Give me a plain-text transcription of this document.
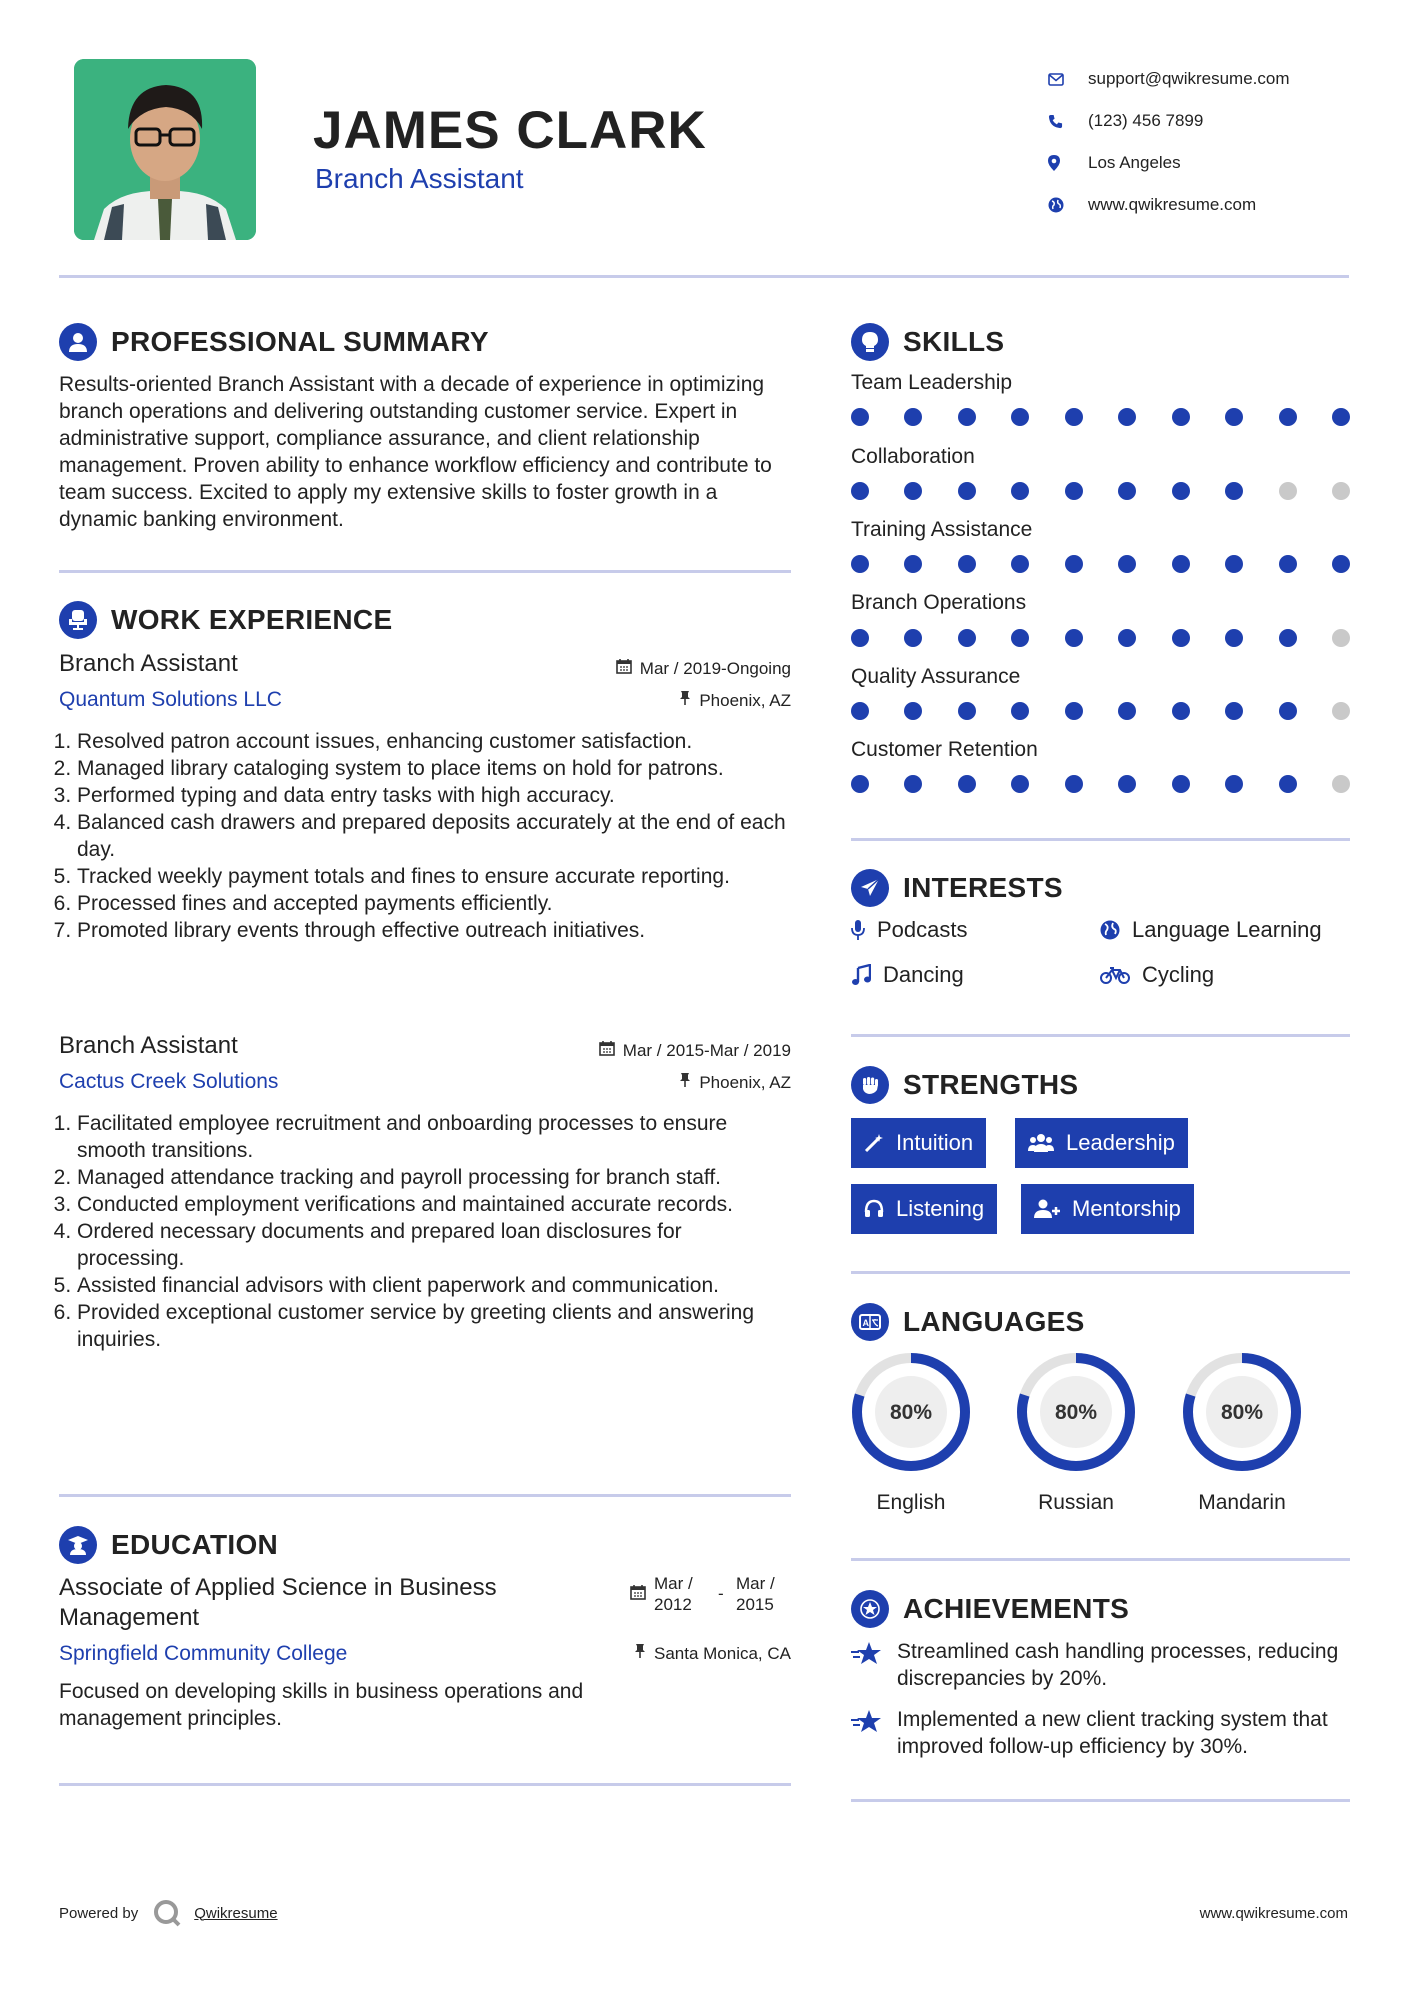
JAMES CLARK
Branch Assistant
support@qwikresume.com
(123) 456 7899
Los Angeles
www.qwikresume.com
PROFESSIONAL SUMMARY
Results-oriented Branch Assistant with a decade of experience in optimizing branch operations and delivering outstanding customer service. Expert in administrative support, compliance assurance, and client relationship management. Proven ability to enhance workflow efficiency and contribute to team success. Excited to apply my extensive skills to foster growth in a dynamic banking environment.
WORK EXPERIENCE
Branch Assistant
Quantum Solutions LLC
Mar / 2019-Ongoing
Phoenix, AZ
1. Resolved patron account issues, enhancing customer satisfaction.
2. Managed library cataloging system to place items on hold for patrons.
3. Performed typing and data entry tasks with high accuracy.
4. Balanced cash drawers and prepared deposits accurately at the end of each day.
5. Tracked weekly payment totals and fines to ensure accurate reporting.
6. Processed fines and accepted payments efficiently.
7. Promoted library events through effective outreach initiatives.
Branch Assistant
Cactus Creek Solutions
Mar / 2015-Mar / 2019
Phoenix, AZ
1. Facilitated employee recruitment and onboarding processes to ensure smooth transitions.
2. Managed attendance tracking and payroll processing for branch staff.
3. Conducted employment verifications and maintained accurate records.
4. Ordered necessary documents and prepared loan disclosures for processing.
5. Assisted financial advisors with client paperwork and communication.
6. Provided exceptional customer service by greeting clients and answering inquiries.
EDUCATION
Associate of Applied Science in Business Management
Springfield Community College
Mar / 2012
-
Mar / 2015
Santa Monica, CA
Focused on developing skills in business operations and management principles.
SKILLS
Team Leadership
Collaboration
Training Assistance
Branch Operations
Quality Assurance
Customer Retention
INTERESTS
Podcasts	Language Learning
Dancing	Cycling
STRENGTHS
Intuition	Leadership
Listening	Mentorship
A LANGUAGES
80%
English
80%
Russian
80%
Mandarin
ACHIEVEMENTS
Streamlined cash handling processes, reducing discrepancies by 20%.
Implemented a new client tracking system that improved follow-up efficiency by 30%.
Powered by	Qwikresume	www.qwikresume.com
